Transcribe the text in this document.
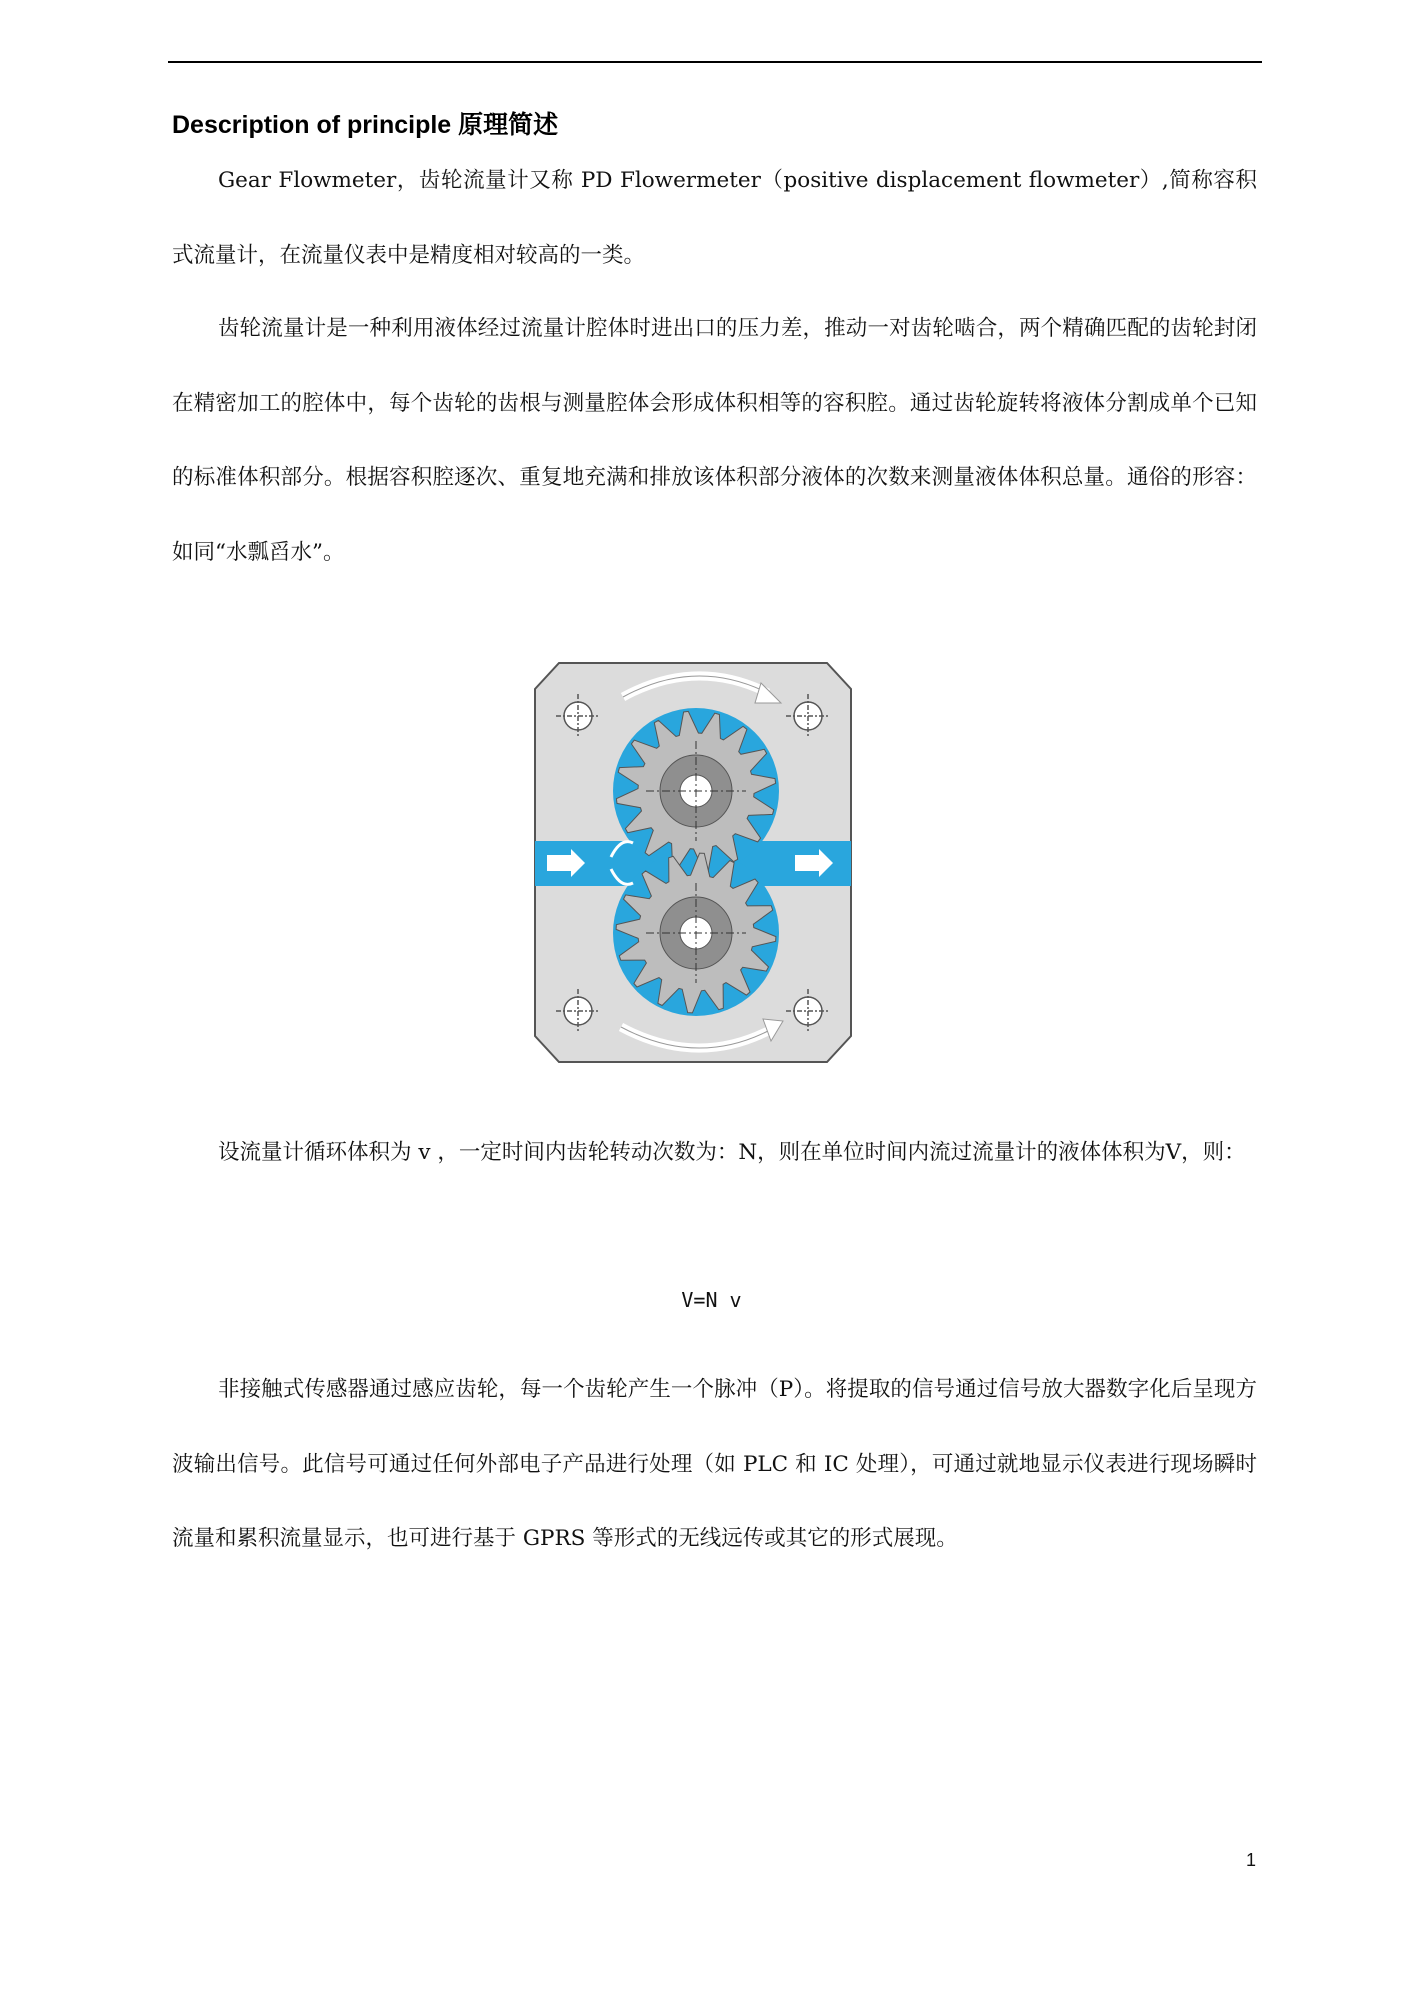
Description of principle 原理简述

Gear Flowmeter，齿轮流量计又称 PD Flowermeter（positive displacement flowmeter）,简称容积式流量计，在流量仪表中是精度相对较高的一类。

齿轮流量计是一种利用液体经过流量计腔体时进出口的压力差，推动一对齿轮啮合，两个精确匹配的齿轮封闭在精密加工的腔体中，每个齿轮的齿根与测量腔体会形成体积相等的容积腔。通过齿轮旋转将液体分割成单个已知的标准体积部分。根据容积腔逐次、重复地充满和排放该体积部分液体的次数来测量液体体积总量。通俗的形容：如同“水瓢舀水”。

设流量计循环体积为 v ，一定时间内齿轮转动次数为：N，则在单位时间内流过流量计的液体体积为V，则：

V=N v

非接触式传感器通过感应齿轮，每一个齿轮产生一个脉冲（P）。将提取的信号通过信号放大器数字化后呈现方波输出信号。此信号可通过任何外部电子产品进行处理（如 PLC 和 IC 处理），可通过就地显示仪表进行现场瞬时流量和累积流量显示，也可进行基于 GPRS 等形式的无线远传或其它的形式展现。

1
